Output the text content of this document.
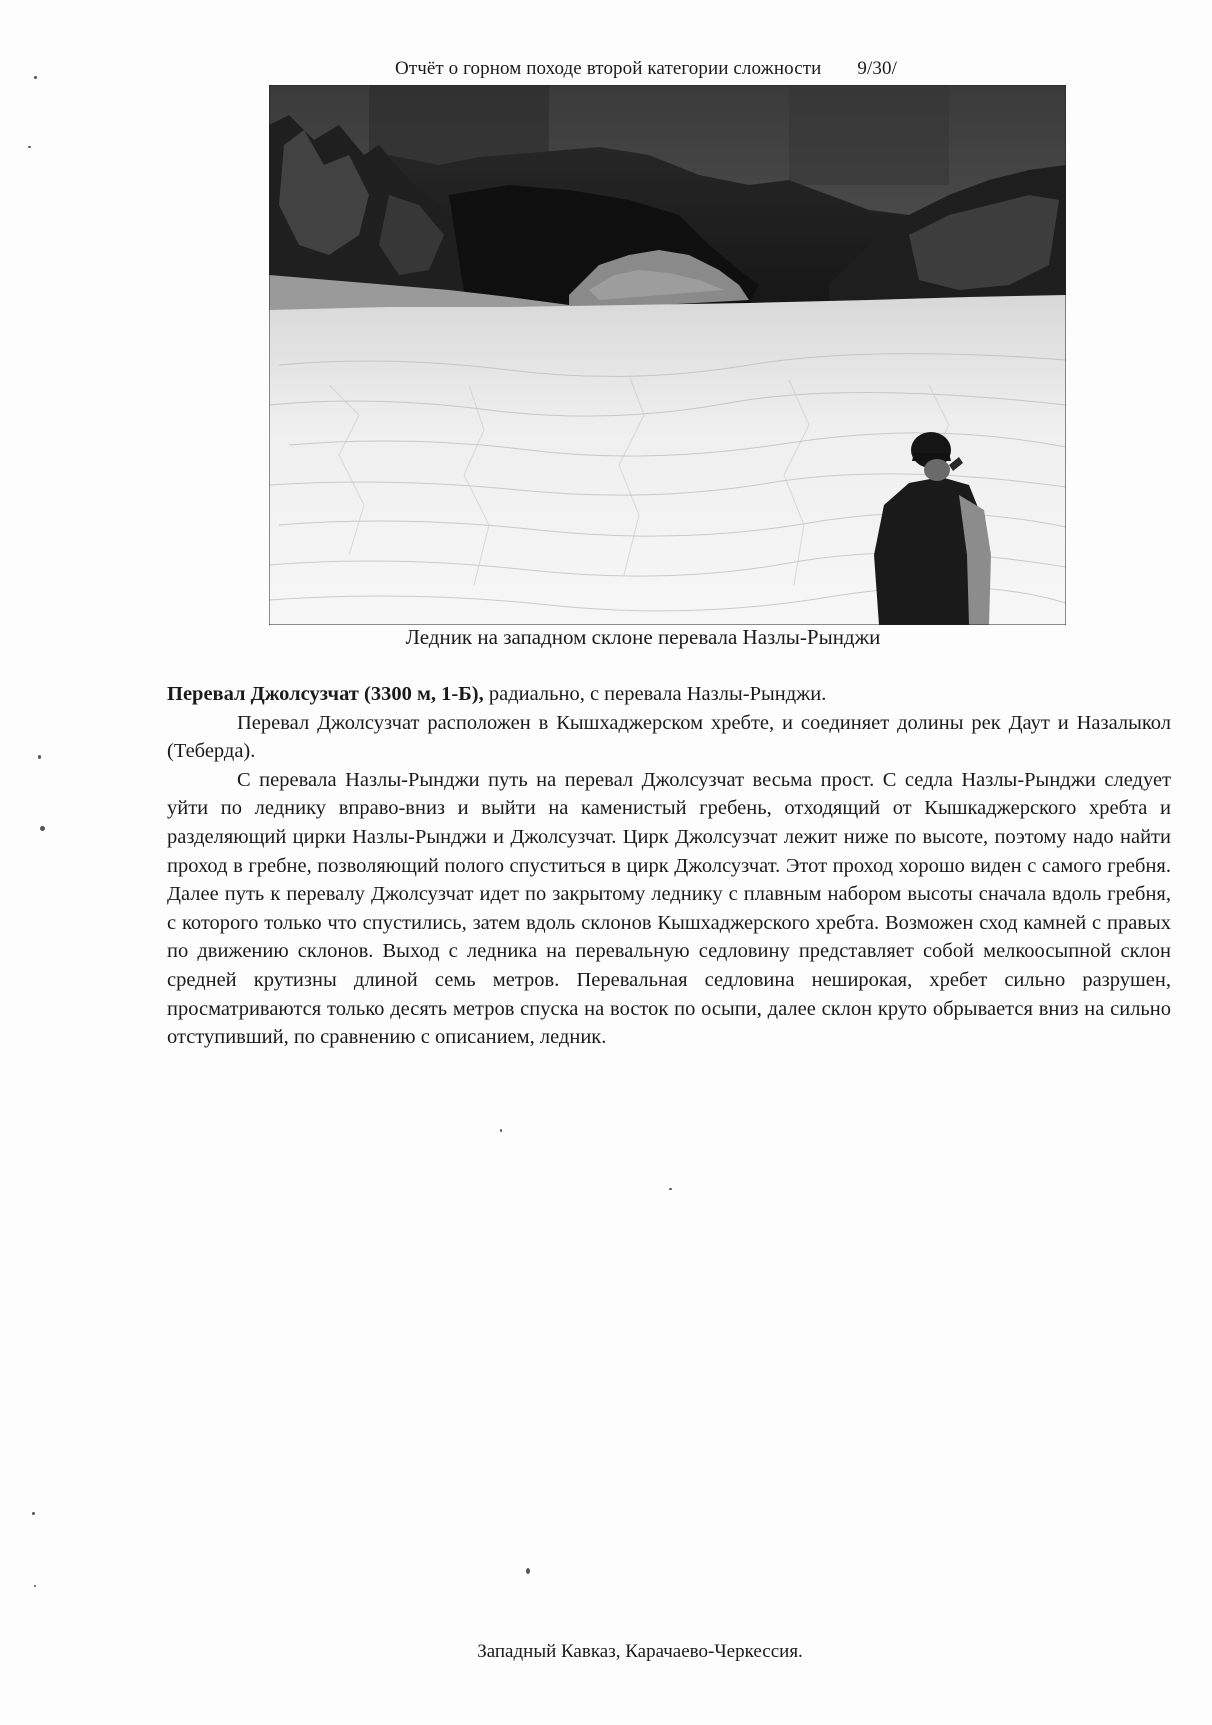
Отчёт о горном походе второй категории сложности 9/30/
Ледник на западном склоне перевала Назлы-Рынджи

Перевал Джолсузчат (3300 м, 1-Б), радиально, с перевала Назлы-Рынджи.

Перевал Джолсузчат расположен в Кышхаджерском хребте, и соединяет долины рек Даут и Назалыкол (Теберда).

С перевала Назлы-Рынджи путь на перевал Джолсузчат весьма прост. С седла Назлы-Рынджи следует уйти по леднику вправо-вниз и выйти на каменистый гребень, отходящий от Кышкаджерского хребта и разделяющий цирки Назлы-Рынджи и Джолсузчат. Цирк Джолсузчат лежит ниже по высоте, поэтому надо найти проход в гребне, позволяющий полого спуститься в цирк Джолсузчат. Этот проход хорошо виден с самого гребня. Далее путь к перевалу Джолсузчат идет по закрытому леднику с плавным набором высоты сначала вдоль гребня, с которого только что спустились, затем вдоль склонов Кышхаджерского хребта. Возможен сход камней с правых по движению склонов. Выход с ледника на перевальную седловину представляет собой мелкоосыпной склон средней крутизны длиной семь метров. Перевальная седловина неширокая, хребет сильно разрушен, просматриваются только десять метров спуска на восток по осыпи, далее склон круто обрывается вниз на сильно отступивший, по сравнению с описанием, ледник.

Западный Кавказ, Карачаево-Черкессия.
